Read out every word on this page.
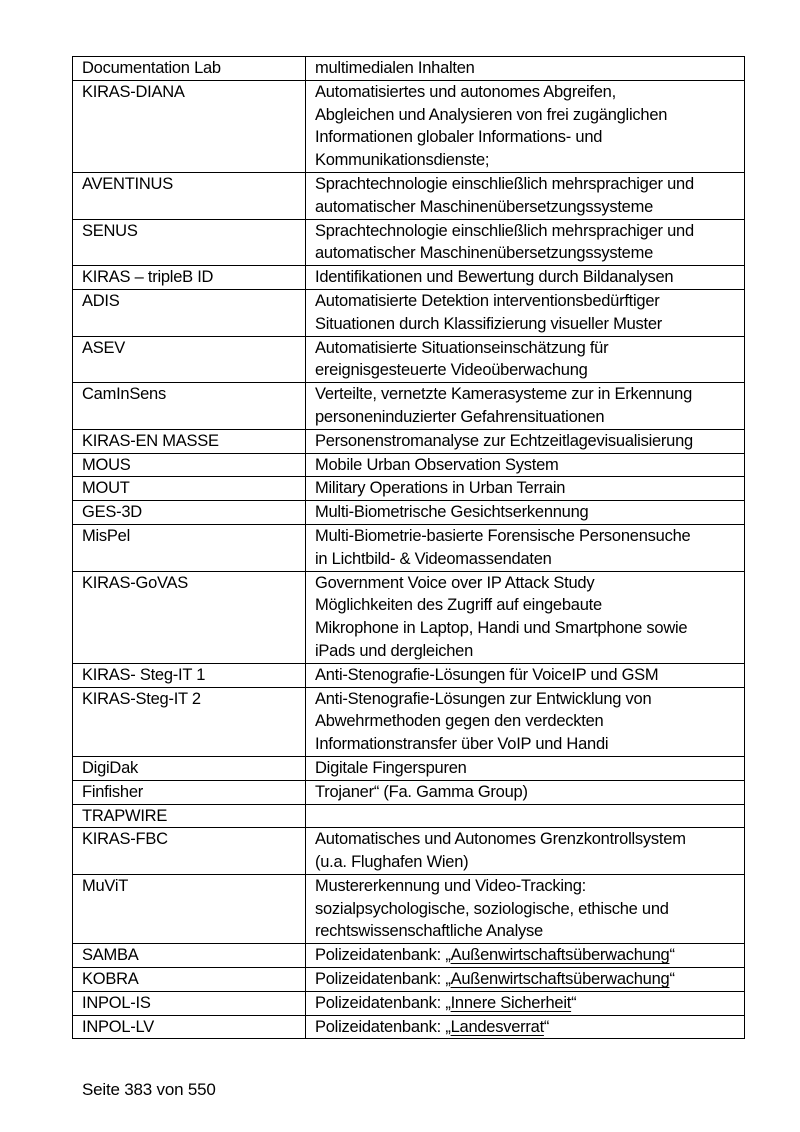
Documentation Lab	multimedialen Inhalten

KIRAS-DIANA	Automatisiertes und autonomes Abgreifen,
Abgleichen und Analysieren von frei zugänglichen
Informationen globaler Informations- und
Kommunikationsdienste;

AVENTINUS	Sprachtechnologie einschließlich mehrsprachiger und
automatischer Maschinenübersetzungssysteme

SENUS	Sprachtechnologie einschließlich mehrsprachiger und
automatischer Maschinenübersetzungssysteme

KIRAS – tripleB ID	Identifikationen und Bewertung durch Bildanalysen

ADIS	Automatisierte Detektion interventionsbedürftiger
Situationen durch Klassifizierung visueller Muster

ASEV	Automatisierte Situationseinschätzung für
ereignisgesteuerte Videoüberwachung

CamInSens	Verteilte, vernetzte Kamerasysteme zur in Erkennung
personeninduzierter Gefahrensituationen

KIRAS-EN MASSE	Personenstromanalyse zur Echtzeitlagevisualisierung

MOUS	Mobile Urban Observation System

MOUT	Military Operations in Urban Terrain

GES-3D	Multi-Biometrische Gesichtserkennung

MisPel	Multi-Biometrie-basierte Forensische Personensuche
in Lichtbild- & Videomassendaten

KIRAS-GoVAS	Government Voice over IP Attack Study
Möglichkeiten des Zugriff auf eingebaute
Mikrophone in Laptop, Handi und Smartphone sowie
iPads und dergleichen

KIRAS- Steg-IT 1	Anti-Stenografie-Lösungen für VoiceIP und GSM

KIRAS-Steg-IT 2	Anti-Stenografie-Lösungen zur Entwicklung von
Abwehrmethoden gegen den verdeckten
Informationstransfer über VoIP und Handi

DigiDak	Digitale Fingerspuren

Finfisher	Trojaner“ (Fa. Gamma Group)

TRAPWIRE	
KIRAS-FBC	Automatisches und Autonomes Grenzkontrollsystem
(u.a. Flughafen Wien)

MuViT	Mustererkennung und Video-Tracking:
sozialpsychologische, soziologische, ethische und
rechtswissenschaftliche Analyse

SAMBA	Polizeidatenbank: „Außenwirtschaftsüberwachung“

KOBRA	Polizeidatenbank: „Außenwirtschaftsüberwachung“

INPOL-IS	Polizeidatenbank: „Innere Sicherheit“

INPOL-LV	Polizeidatenbank: „Landesverrat“
Seite 383 von 550
